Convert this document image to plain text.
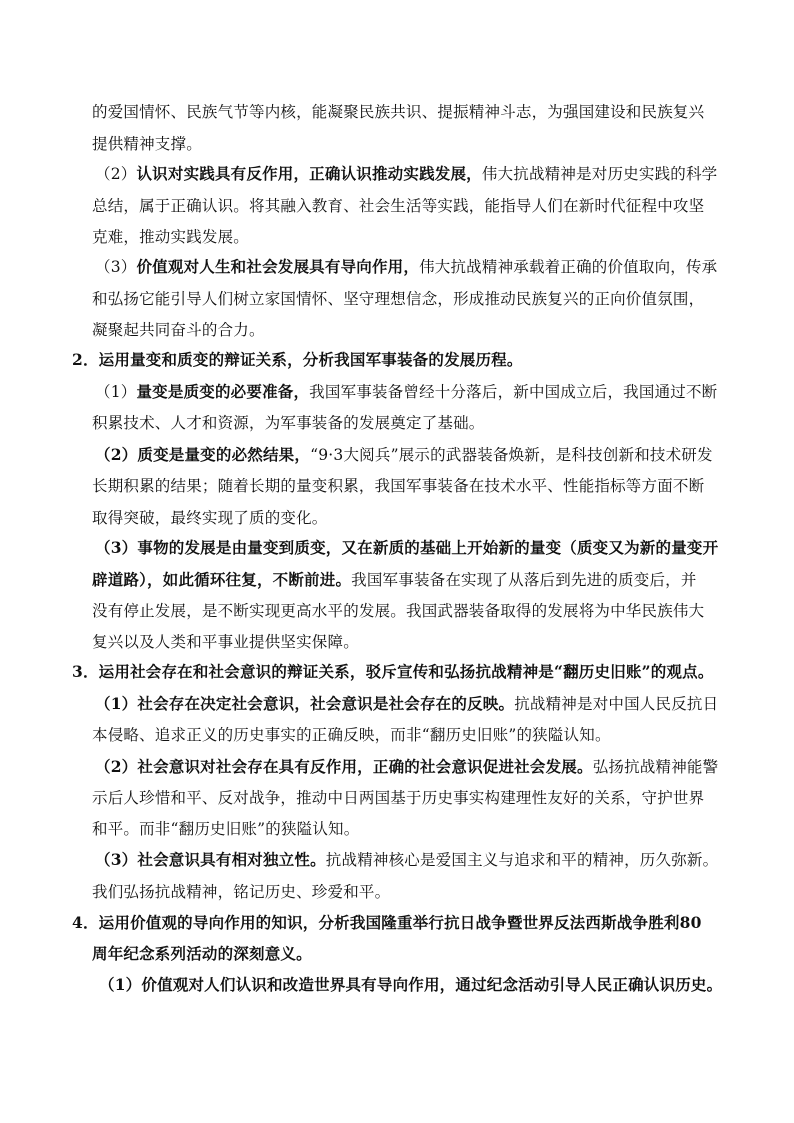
的爱国情怀、民族气节等内核，能凝聚民族共识、提振精神斗志，为强国建设和民族复兴
提供精神支撑。
（2）认识对实践具有反作用，正确认识推动实践发展，伟大抗战精神是对历史实践的科学
总结，属于正确认识。将其融入教育、社会生活等实践，能指导人们在新时代征程中攻坚
克难，推动实践发展。
（3）价值观对人生和社会发展具有导向作用，伟大抗战精神承载着正确的价值取向，传承
和弘扬它能引导人们树立家国情怀、坚守理想信念，形成推动民族复兴的正向价值氛围，
凝聚起共同奋斗的合力。
2．运用量变和质变的辩证关系，分析我国军事装备的发展历程。
（1）量变是质变的必要准备，我国军事装备曾经十分落后，新中国成立后，我国通过不断
积累技术、人才和资源，为军事装备的发展奠定了基础。
（2）质变是量变的必然结果，“9·3大阅兵”展示的武器装备焕新，是科技创新和技术研发
长期积累的结果；随着长期的量变积累，我国军事装备在技术水平、性能指标等方面不断
取得突破，最终实现了质的变化。
（3）事物的发展是由量变到质变，又在新质的基础上开始新的量变（质变又为新的量变开
辟道路），如此循环往复，不断前进。我国军事装备在实现了从落后到先进的质变后，并
没有停止发展，是不断实现更高水平的发展。我国武器装备取得的发展将为中华民族伟大
复兴以及人类和平事业提供坚实保障。
3．运用社会存在和社会意识的辩证关系，驳斥宣传和弘扬抗战精神是“翻历史旧账”的观点。
（1）社会存在决定社会意识，社会意识是社会存在的反映。抗战精神是对中国人民反抗日
本侵略、追求正义的历史事实的正确反映，而非“翻历史旧账”的狭隘认知。
（2）社会意识对社会存在具有反作用，正确的社会意识促进社会发展。弘扬抗战精神能警
示后人珍惜和平、反对战争，推动中日两国基于历史事实构建理性友好的关系，守护世界
和平。而非“翻历史旧账”的狭隘认知。
（3）社会意识具有相对独立性。抗战精神核心是爱国主义与追求和平的精神，历久弥新。
我们弘扬抗战精神，铭记历史、珍爱和平。
4．运用价值观的导向作用的知识，分析我国隆重举行抗日战争暨世界反法西斯战争胜利80
周年纪念系列活动的深刻意义。
（1）价值观对人们认识和改造世界具有导向作用，通过纪念活动引导人民正确认识历史。
